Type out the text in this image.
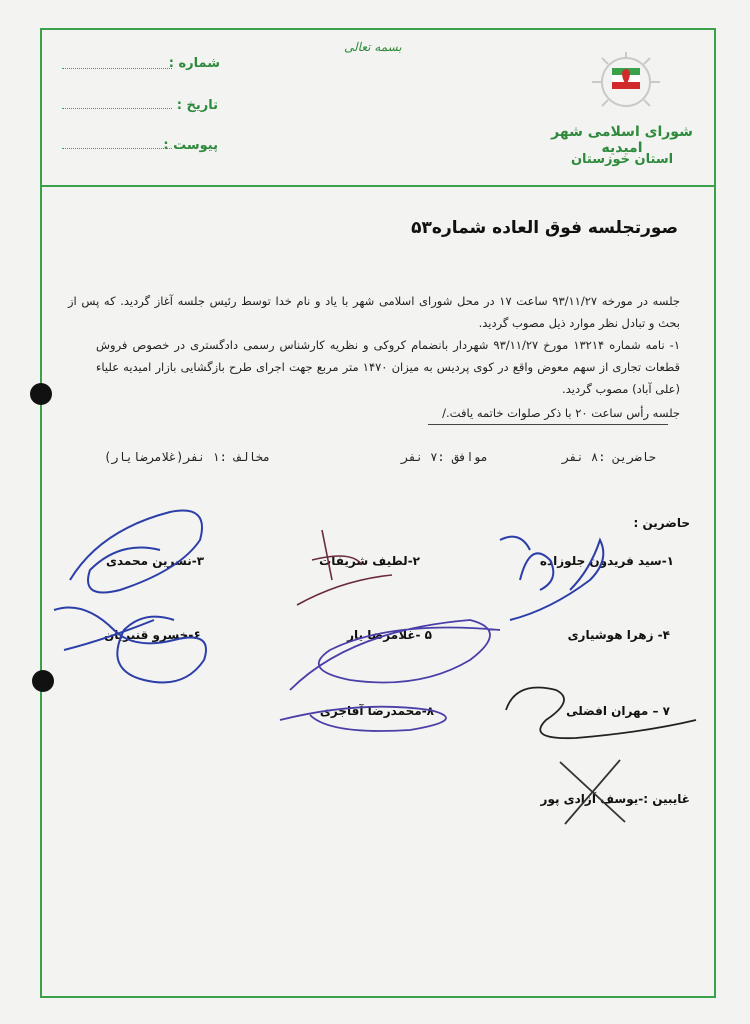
شماره :
تاریخ :
پیوست :
بسمه تعالی
شورای اسلامی شهر امیدیه
استان خوزستان
صورتجلسه فوق العاده شماره۵۳
جلسه در مورخه ۹۳/۱۱/۲۷ ساعت ۱۷ در محل شورای اسلامی شهر با یاد و نام خدا توسط رئیس جلسه آغاز گردید. که پس از بحث و تبادل نظر موارد ذیل مصوب گردید.
۱- نامه شماره ۱۳۲۱۴ مورخ ۹۳/۱۱/۲۷ شهردار بانضمام کروکی و نظریه کارشناس رسمی دادگستری در خصوص فروش قطعات تجاری از سهم معوض واقع در کوی پردیس به میزان ۱۴۷۰ متر مربع جهت اجرای طرح بازگشایی بازار امیدیه علیاء (علی آباد) مصوب گردید.
جلسه رأس ساعت ۲۰ با ذکر صلوات خاتمه یافت./
حاضرین :۸ نفر
موافق :۷ نفر
مخالف :۱ نفر(غلامرضایار)
حاضرین :
۱-سید فریدون جلوزاده
۲-لطیف شریفات
۳-نسرین محمدی
۴- زهرا هوشیاری
۵ -غلامرضا یار
۶-خسرو قنبریان
۷ – مهران افضلی
۸-محمدرضا آقاجری
غایبین :-یوسف آزادی پور
